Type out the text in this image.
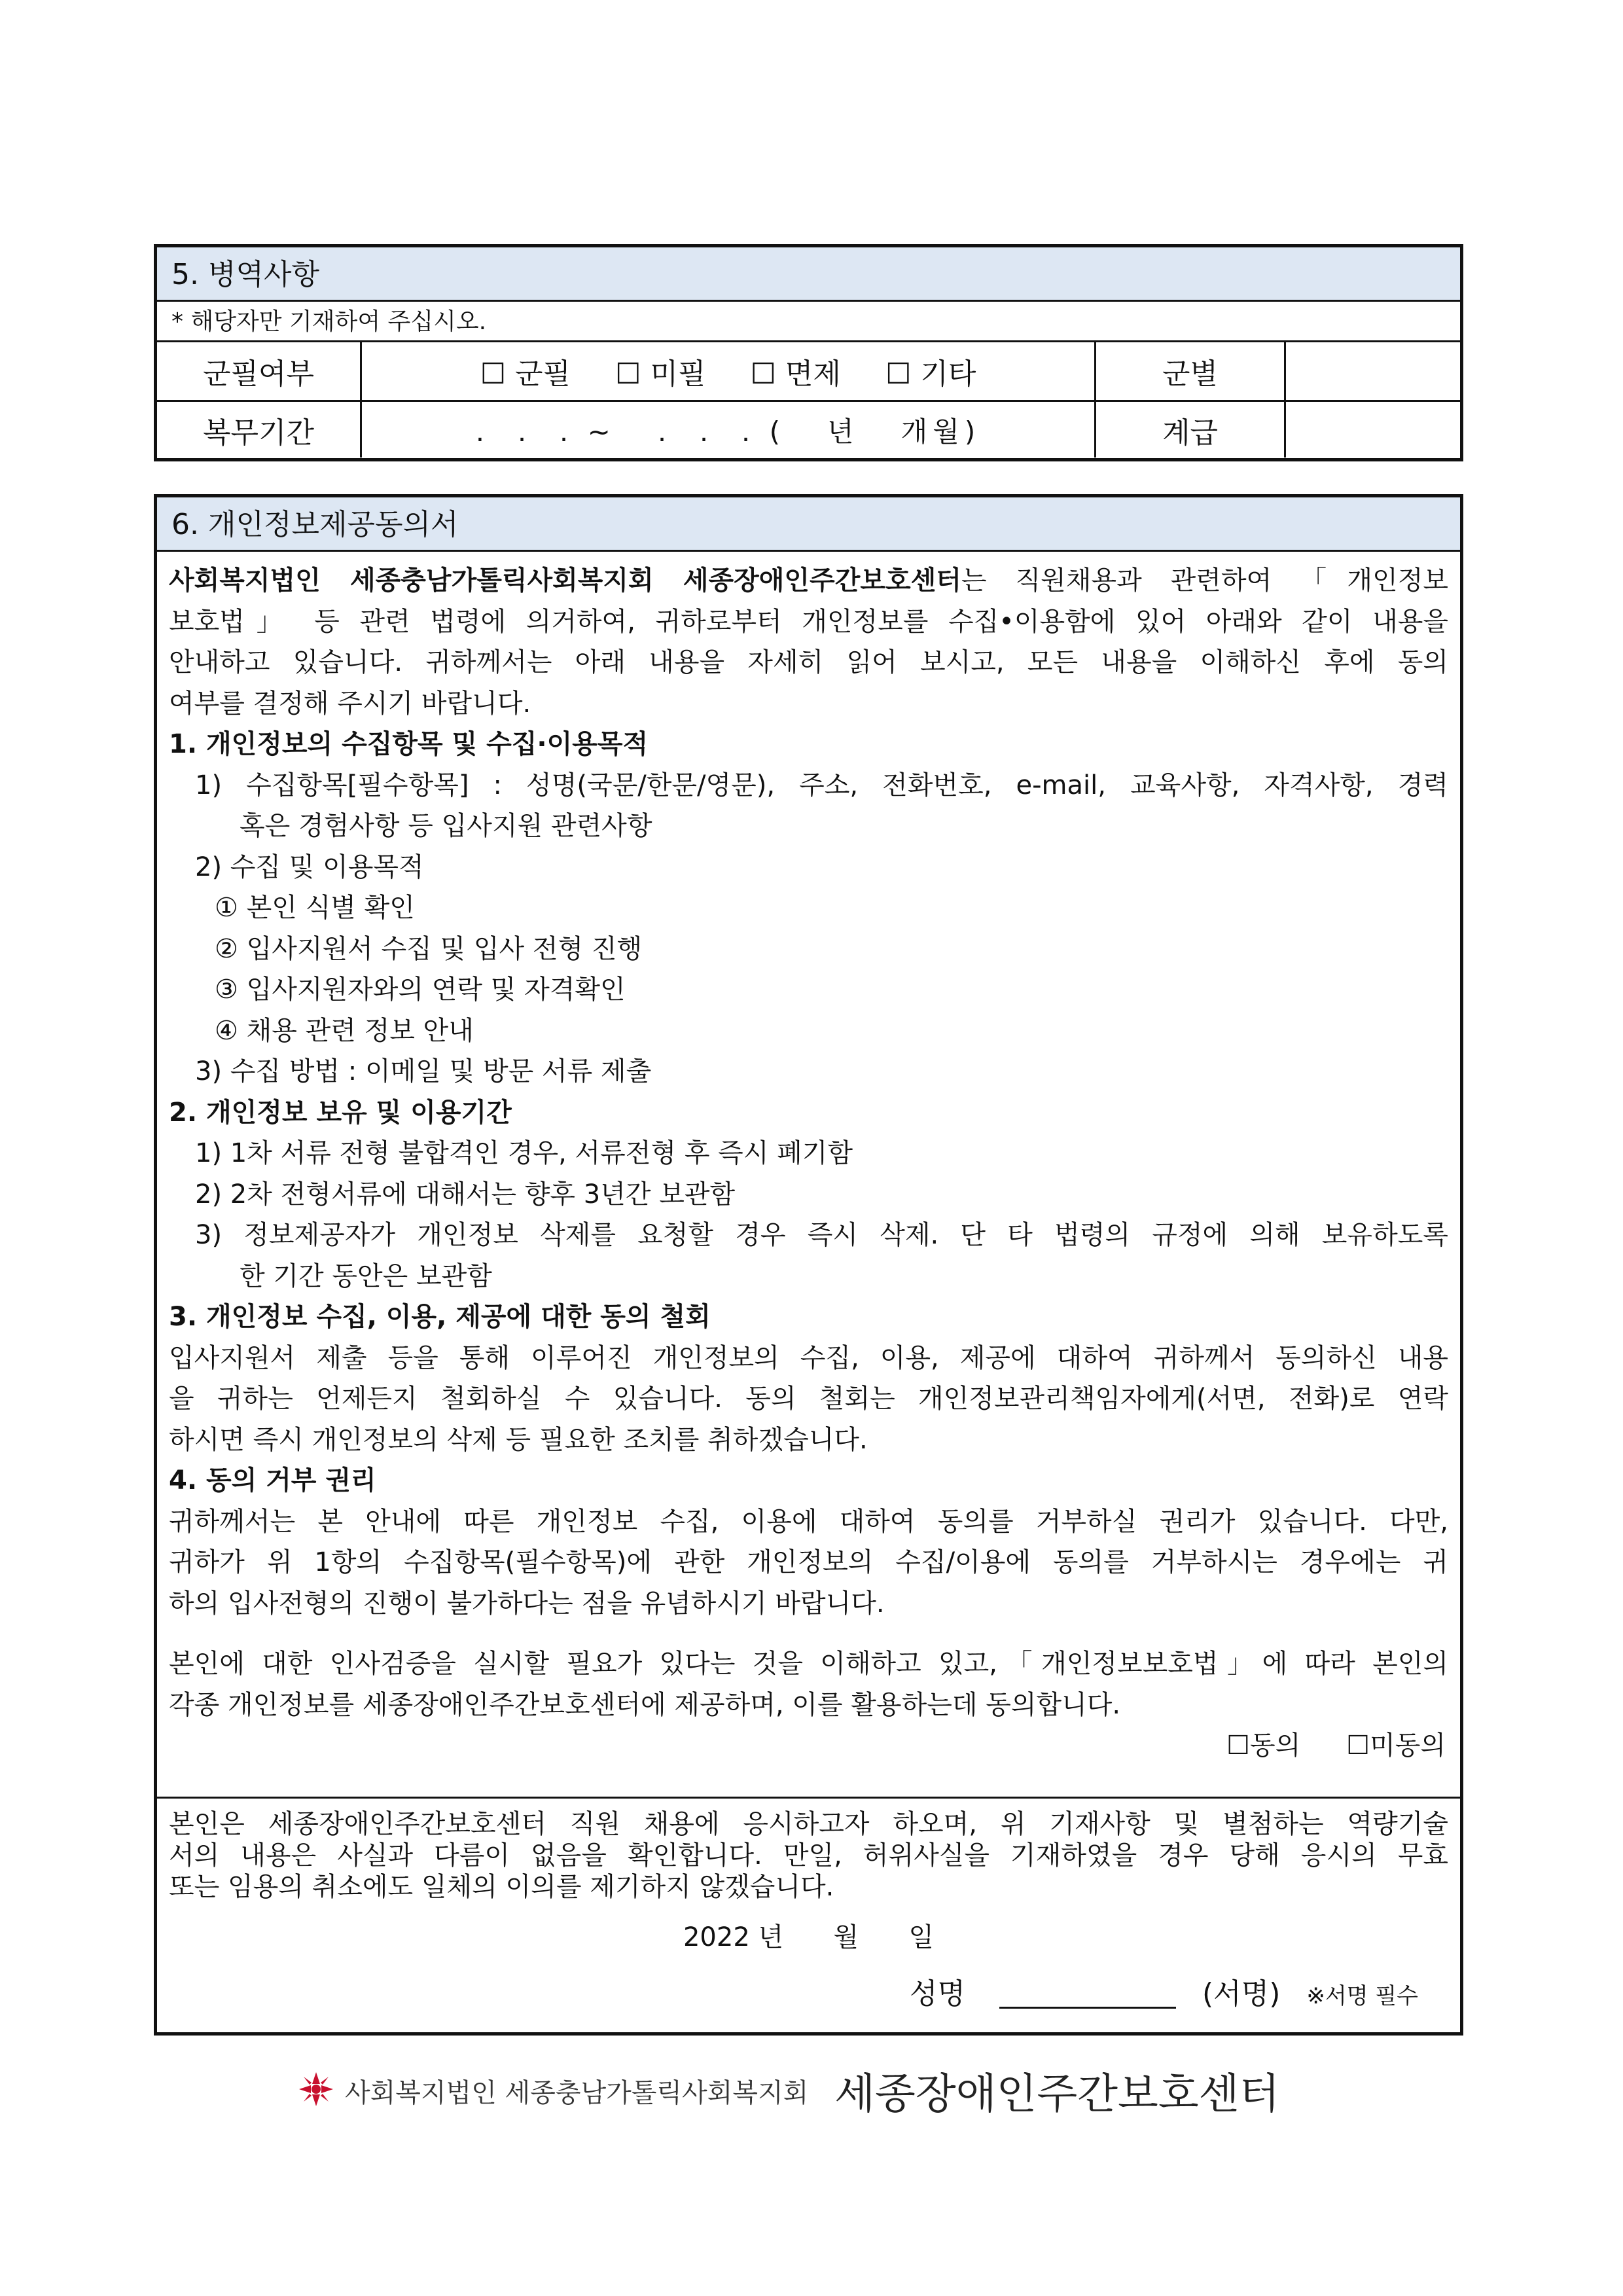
5. 병역사항
* 해당자만 기재하여 주십시오.
군필여부	☐ 군필 ☐ 미필 ☐ 면제 ☐ 기타	군별
복무기간	.  .  . ~   .  .  . (   년   개월)	계급
6. 개인정보제공동의서

사회복지법인 세종충남가톨릭사회복지회 세종장애인주간보호센터는 직원채용과 관련하여 「개인정보

보호법」 등 관련 법령에 의거하여, 귀하로부터 개인정보를 수집•이용함에 있어 아래와 같이 내용을

안내하고 있습니다. 귀하께서는 아래 내용을 자세히 읽어 보시고, 모든 내용을 이해하신 후에 동의

여부를 결정해 주시기 바랍니다.

1. 개인정보의 수집항목 및 수집·이용목적

1) 수집항목[필수항목] : 성명(국문/한문/영문), 주소, 전화번호, e-mail, 교육사항, 자격사항, 경력

혹은 경험사항 등 입사지원 관련사항

2) 수집 및 이용목적

① 본인 식별 확인

② 입사지원서 수집 및 입사 전형 진행

③ 입사지원자와의 연락 및 자격확인

④ 채용 관련 정보 안내

3) 수집 방법 : 이메일 및 방문 서류 제출

2. 개인정보 보유 및 이용기간

1) 1차 서류 전형 불합격인 경우, 서류전형 후 즉시 폐기함

2) 2차 전형서류에 대해서는 향후 3년간 보관함

3) 정보제공자가 개인정보 삭제를 요청할 경우 즉시 삭제. 단 타 법령의 규정에 의해 보유하도록

한 기간 동안은 보관함

3. 개인정보 수집, 이용, 제공에 대한 동의 철회

입사지원서 제출 등을 통해 이루어진 개인정보의 수집, 이용, 제공에 대하여 귀하께서 동의하신 내용

을 귀하는 언제든지 철회하실 수 있습니다. 동의 철회는 개인정보관리책임자에게(서면, 전화)로 연락

하시면 즉시 개인정보의 삭제 등 필요한 조치를 취하겠습니다.

4. 동의 거부 권리

귀하께서는 본 안내에 따른 개인정보 수집, 이용에 대하여 동의를 거부하실 권리가 있습니다. 다만,

귀하가 위 1항의 수집항목(필수항목)에 관한 개인정보의 수집/이용에 동의를 거부하시는 경우에는 귀

하의 입사전형의 진행이 불가하다는 점을 유념하시기 바랍니다.

본인에 대한 인사검증을 실시할 필요가 있다는 것을 이해하고 있고,「개인정보보호법」에 따라 본인의

각종 개인정보를 세종장애인주간보호센터에 제공하며, 이를 활용하는데 동의합니다.

☐동의 ☐미동의

본인은 세종장애인주간보호센터 직원 채용에 응시하고자 하오며, 위 기재사항 및 별첨하는 역량기술

서의 내용은 사실과 다름이 없음을 확인합니다. 만일, 허위사실을 기재하였을 경우 당해 응시의 무효

또는 임용의 취소에도 일체의 이의를 제기하지 않겠습니다.

2022 년      월      일
성명	(서명) ※서명 필수
사회복지법인 세종충남가톨릭사회복지회 세종장애인주간보호센터
